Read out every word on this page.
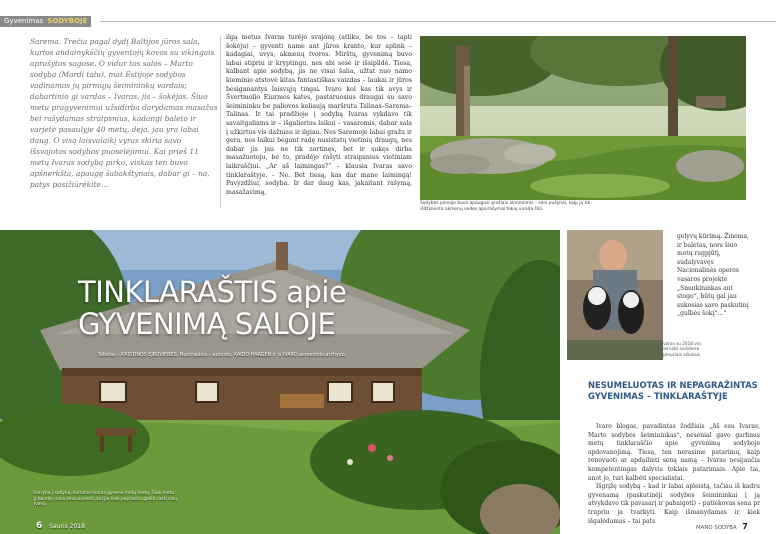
Gyvenimas SODYBOJE
Sarema. Trečia pagal dydį Baltijos jūros sala, kurios andainykščių gyventojų kovos su vikingais aprašytos sagose. O vidur tos salos – Marto sodyba (Mardi talu), mat Estijoje sodybos vadinamos jų pirmųjų šeimininkų vardais; dabartinio gi vardas – Ivaras, jis – šokėjas. Šiuo metu pragyvenimui užsidirba darydamas masažus bei rašydamas straipsnius, kadangi baleto ir varjetė pasaulyje 40 metų, deja, jau yra labai daug. O visą laisvalaikį vyras skiria savo išsvajotos sodybos puoselėjimui. Kai prieš 11 metų Ivaras sodybą pirko, viskas ten buvo apšnerkšta, apaugę šabakštynais, dabar gi – na, patys pasižiūrėkite…
ilgą metus Ivaras turėjo svajonę (atliku, be tos – tapti šokėju) – gyventi name ant jūros kranto, kur aplink – kadagiai, uvys, akmenų tvoros. Mirštų, gyvenimą buvo labai stipriu ir kryptingu, nes abi sesė ir išsipildė. Tiesa, kalbant apie sodybą, jis ne visai šalia, užtat nuo namo kieminio atstovė kitas fantastiškas vaizdas – laukai ir jūros besiganantys laisvųjų tingai. Ivaro kol kas tik avys ir Švertmolio Eiurmos kates, pastaruosius draugai su savo šeimininku be paliovos keliaują maršrutu Talinas–Sarema–Talinas. Ir tai pradžioje į sodybą Ivaras vykdavo tik savaitgaliams ir – išgalierius laikui – vasaromis, dabar sala į užkirtus vis dažniau ir ilgiau. Nes Saremoje labai gražu ir gera, nes laikui bėgant radę nusistatų vietinių draugų, nes dabar jis jau ne tik zortinęs, bet ir sukęs dirba masažuotoju, be to, pradėjo rašyti straipsnius vietiniam laikraščiui. „Ar aš laimingas?“ – klausia Ivaras savo tinklaraštyje. – Ne. Bet tiesą, kas dar mane laimingą! Pavyzdžiui, sodyba. Ir dar daug kas, jakaitant rašymą, masažavimą,
Sodybos pievoje buvo apaugusi gražiais akmenimis – seni pušynai, kaip jų tik išdžiovinta akmenų vedęs apsirašymai tokių visada šilū.
TINKLARAŠTIS apie
GYVENIMĄ SALOJE
Tekstas – KRISTINOS EJKOVIENĖS. Nuotraukos – autorės, KAIDO HAAGEN ir iš IVARO asmeninio archyvo.
Ivaryba į sodybą, kuriame Ivaras gyveno metų metų. Šiuo metu jį bandys savo tėvu suvesti, kai jie kiek paprastai galėti rasti visų Ivarų.
6 Sauris 2018
◄ Ivaras su 2018 vos pernakt sodybose gimusiais ožiukais.
gelyvų kūrimą. Žinoma, ir baletas, nors šiuo metų rugpjūtį, sudalyvavęs Nacionalinės operos vasaros projekte „Smuikininkas ant stogo“, būtų gal jau sukosias savo paskutinį „gulbės šokį“…“
NESUMELUOTAS IR NEPAGRAŽINTAS GYVENIMAS – TINKLARAŠTYJE

Ivaro blogas, pavadintas žodžiais „Aš esu Ivaras, Marto sodybos šeimininkas“, nesenial gavo garbaus metų tinklaraščio apie gyvenimą sodyboje apdovanojimą. Tiesa, ten nerasime patarimų, kaip renovuoti ar apdailinti seną namą – Ivaras nesijaučia kompetentingas dalyvis tokiais patarimais. Apie tai, anot jo, turi kalbėti specialistai.

Išgrįžę sodybą – kad ir labai apleistą, tačiau iš kadru gyvenamą (paskutinėji sodybos šeimininkai į ją atvykdavo tik pavasarį ir pabaigoti) – patiekovas sena pr trupriu ja tvarkyti. Kaip išmanydamas ir kiek išgalėdamas – tai pats

MANO SODYBA 7
